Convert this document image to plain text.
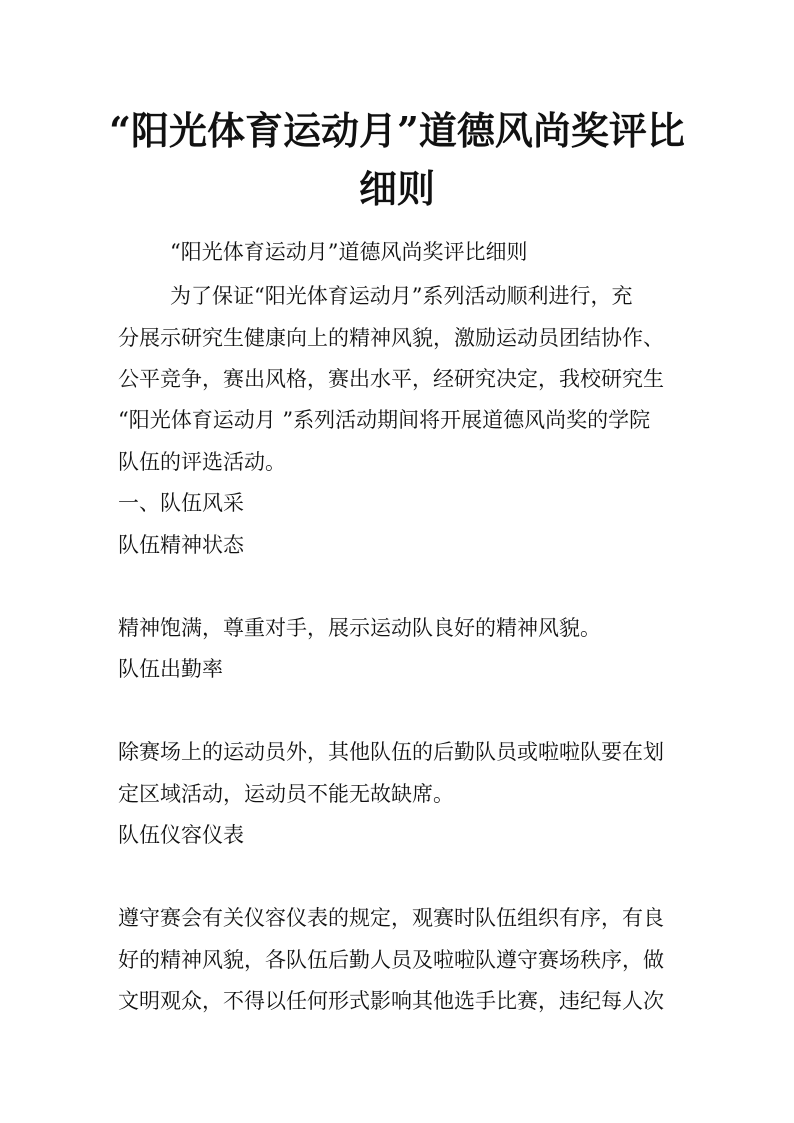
“阳光体育运动月”道德风尚奖评比
细则

“阳光体育运动月”道德风尚奖评比细则

为了保证“阳光体育运动月”系列活动顺利进行，充

分展示研究生健康向上的精神风貌，激励运动员团结协作、

公平竞争，赛出风格，赛出水平，经研究决定，我校研究生

“阳光体育运动月 ”系列活动期间将开展道德风尚奖的学院

队伍的评选活动。

一、队伍风采

队伍精神状态

精神饱满，尊重对手，展示运动队良好的精神风貌。

队伍出勤率

除赛场上的运动员外，其他队伍的后勤队员或啦啦队要在划

定区域活动，运动员不能无故缺席。

队伍仪容仪表

遵守赛会有关仪容仪表的规定，观赛时队伍组织有序，有良

好的精神风貌，各队伍后勤人员及啦啦队遵守赛场秩序，做

文明观众，不得以任何形式影响其他选手比赛，违纪每人次
